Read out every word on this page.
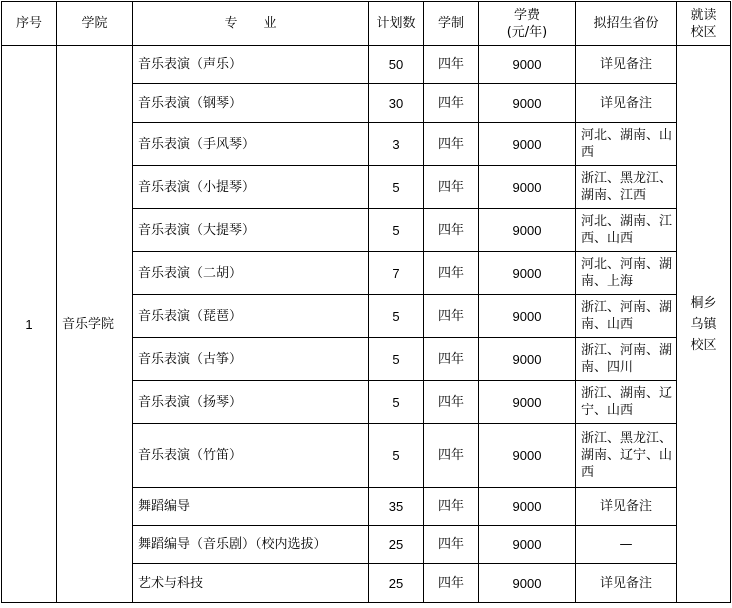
序号	学院	专　　业	计划数	学制	学费
(元/年)	拟招生省份	就读
校区
1	音乐学院	音乐表演（声乐）	50	四年	9000	详见备注	桐乡
乌镇
校区
		音乐表演（钢琴）	30	四年	9000	详见备注	
		音乐表演（手风琴）	3	四年	9000	河北、湖南、山西	
		音乐表演（小提琴）	5	四年	9000	浙江、黑龙江、湖南、江西	
		音乐表演（大提琴）	5	四年	9000	河北、湖南、江西、山西	
		音乐表演（二胡）	7	四年	9000	河北、河南、湖南、上海	
		音乐表演（琵琶）	5	四年	9000	浙江、河南、湖南、山西	
		音乐表演（古筝）	5	四年	9000	浙江、河南、湖南、四川	
		音乐表演（扬琴）	5	四年	9000	浙江、湖南、辽宁、山西	
		音乐表演（竹笛）	5	四年	9000	浙江、黑龙江、湖南、辽宁、山西	
		舞蹈编导	35	四年	9000	详见备注	
		舞蹈编导（音乐剧）（校内选拔）	25	四年	9000	—	
		艺术与科技	25	四年	9000	详见备注	
